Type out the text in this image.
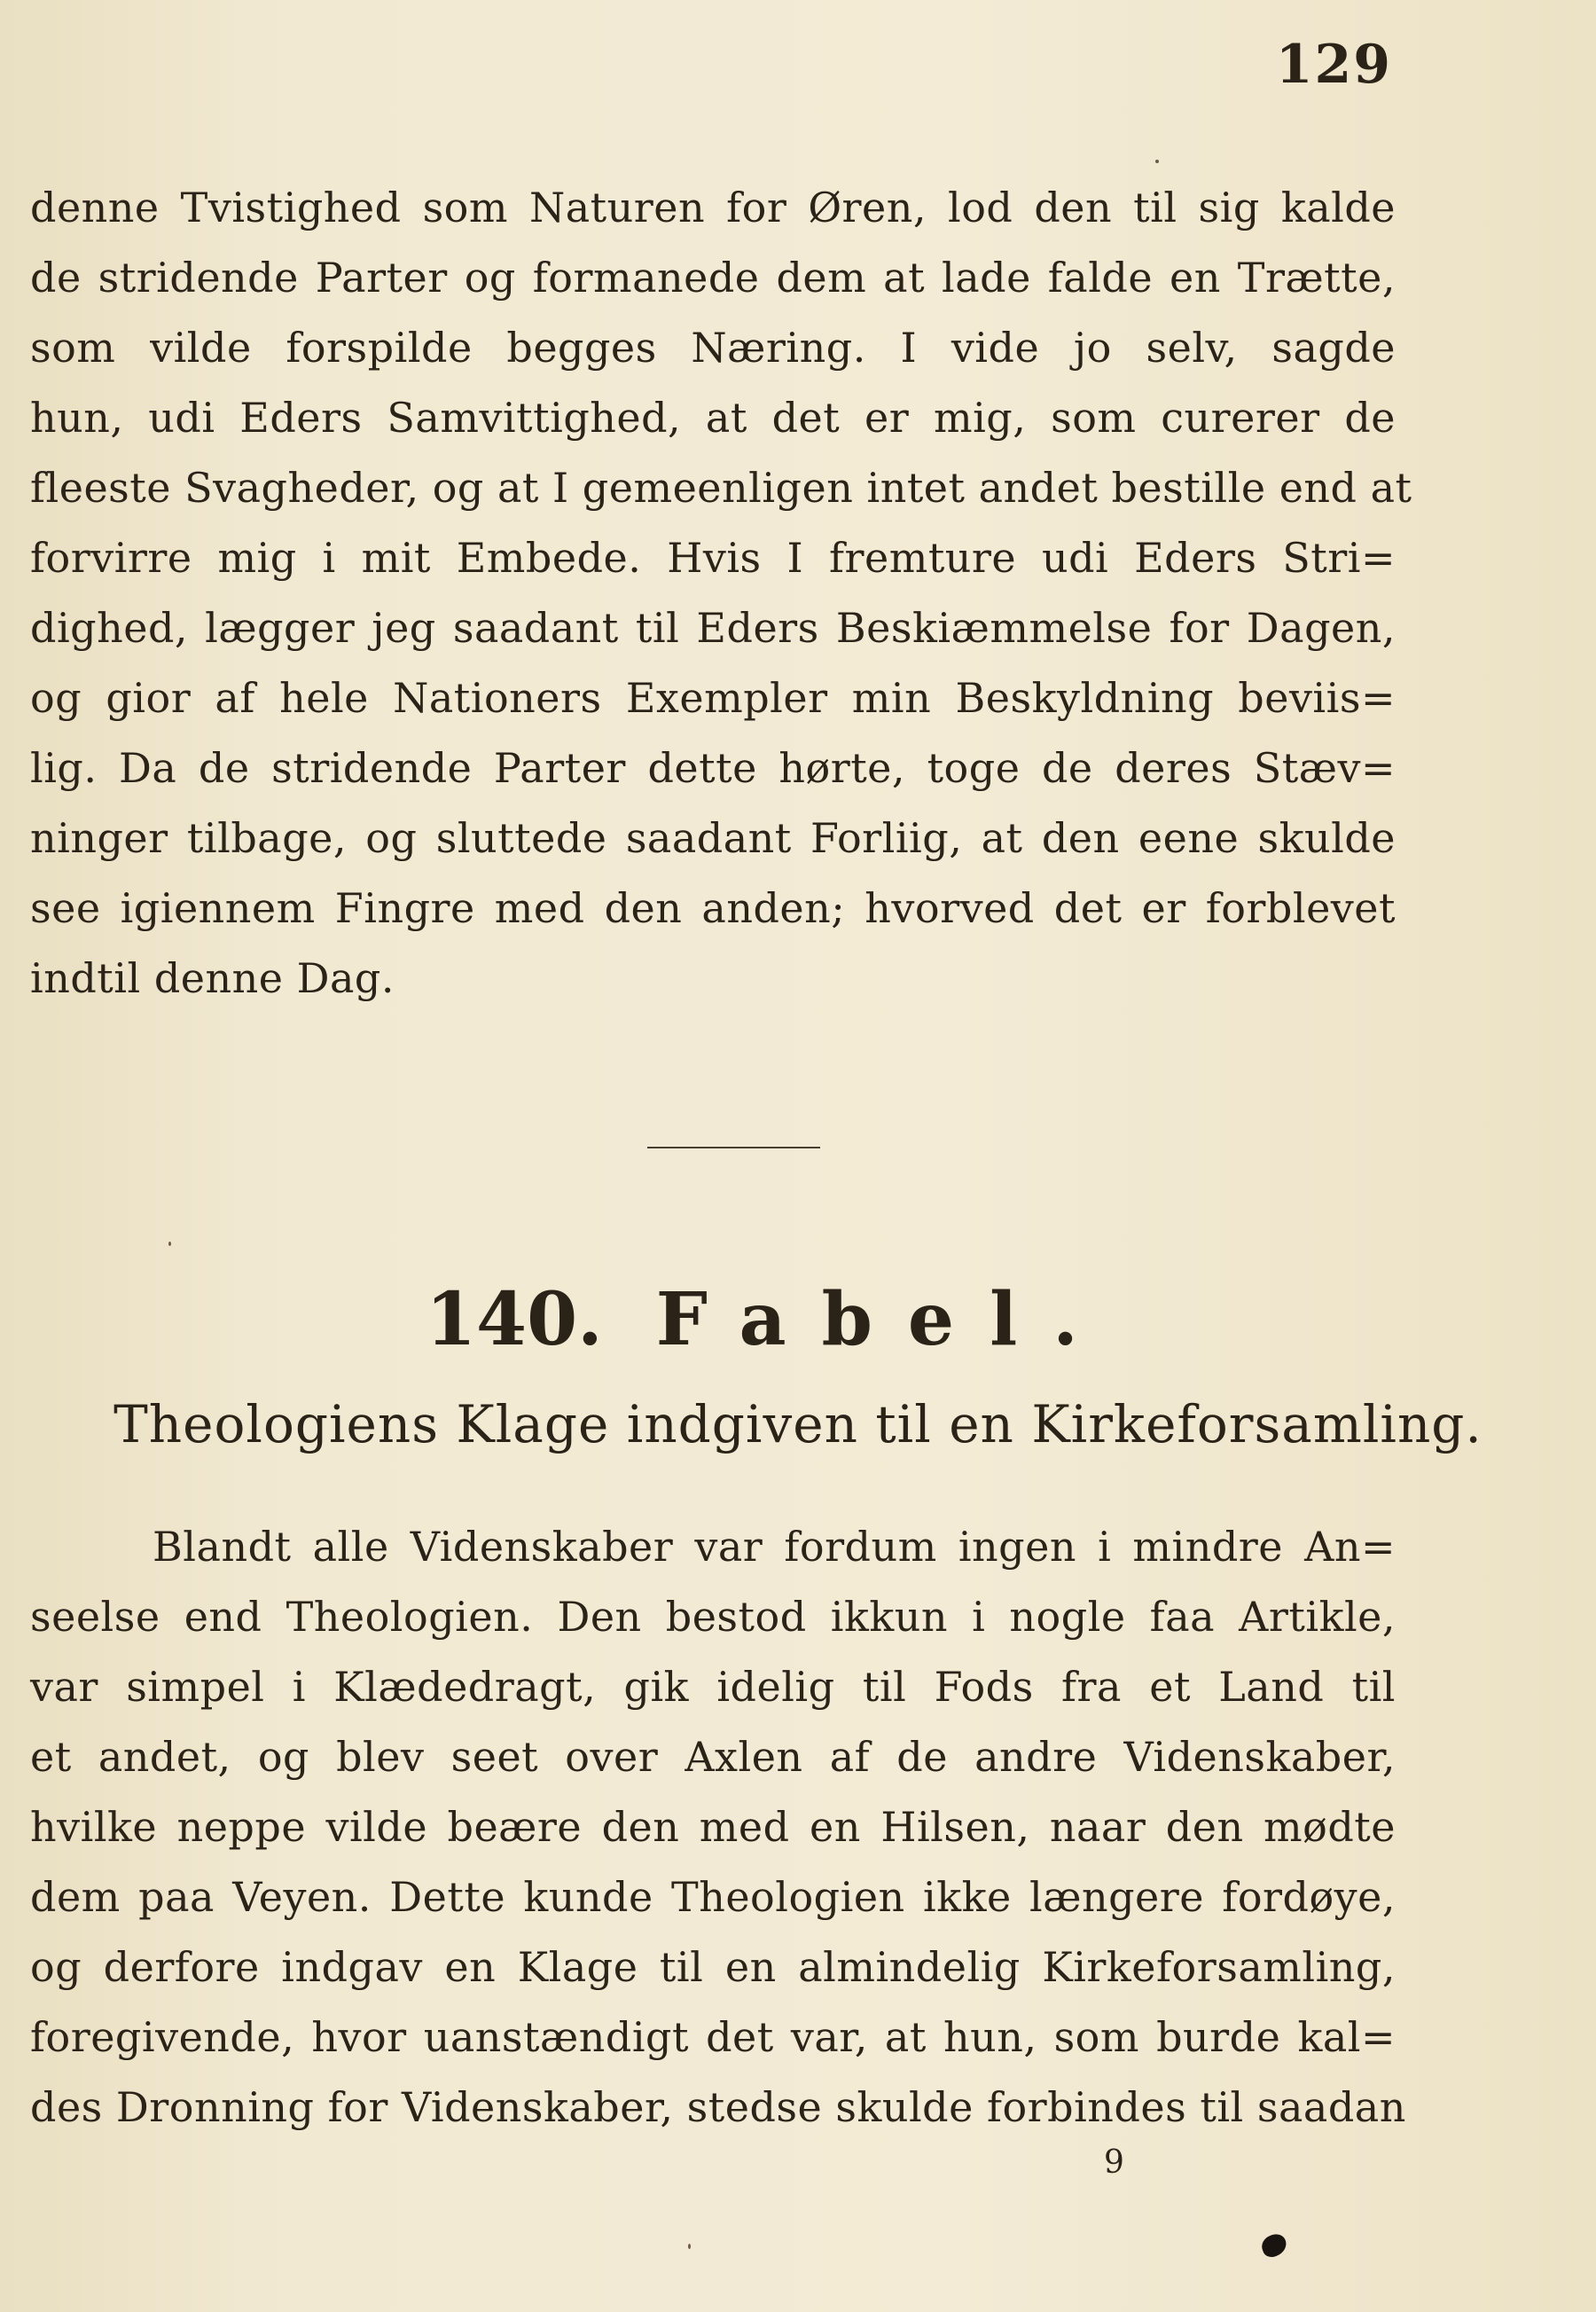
129
denne Tvistighed som Naturen for Øren, lod den til sig kalde
de stridende Parter og formanede dem at lade falde en Trætte,
som vilde forspilde begges Næring. I vide jo selv, sagde
hun, udi Eders Samvittighed, at det er mig, som curerer de
fleeste Svagheder, og at I gemeenligen intet andet bestille end at
forvirre mig i mit Embede. Hvis I fremture udi Eders Stri=
dighed, lægger jeg saadant til Eders Beskiæmmelse for Dagen,
og gior af hele Nationers Exempler min Beskyldning beviis=
lig. Da de stridende Parter dette hørte, toge de deres Stæv=
ninger tilbage, og sluttede saadant Forliig, at den eene skulde
see igiennem Fingre med den anden; hvorved det er forblevet
indtil denne Dag.
140. Fabel.
Theologiens Klage indgiven til en Kirkeforsamling.
Blandt alle Videnskaber var fordum ingen i mindre An=
seelse end Theologien. Den bestod ikkun i nogle faa Artikle,
var simpel i Klædedragt, gik idelig til Fods fra et Land til
et andet, og blev seet over Axlen af de andre Videnskaber,
hvilke neppe vilde beære den med en Hilsen, naar den mødte
dem paa Veyen. Dette kunde Theologien ikke længere fordøye,
og derfore indgav en Klage til en almindelig Kirkeforsamling,
foregivende, hvor uanstændigt det var, at hun, som burde kal=
des Dronning for Videnskaber, stedse skulde forbindes til saadan
9
